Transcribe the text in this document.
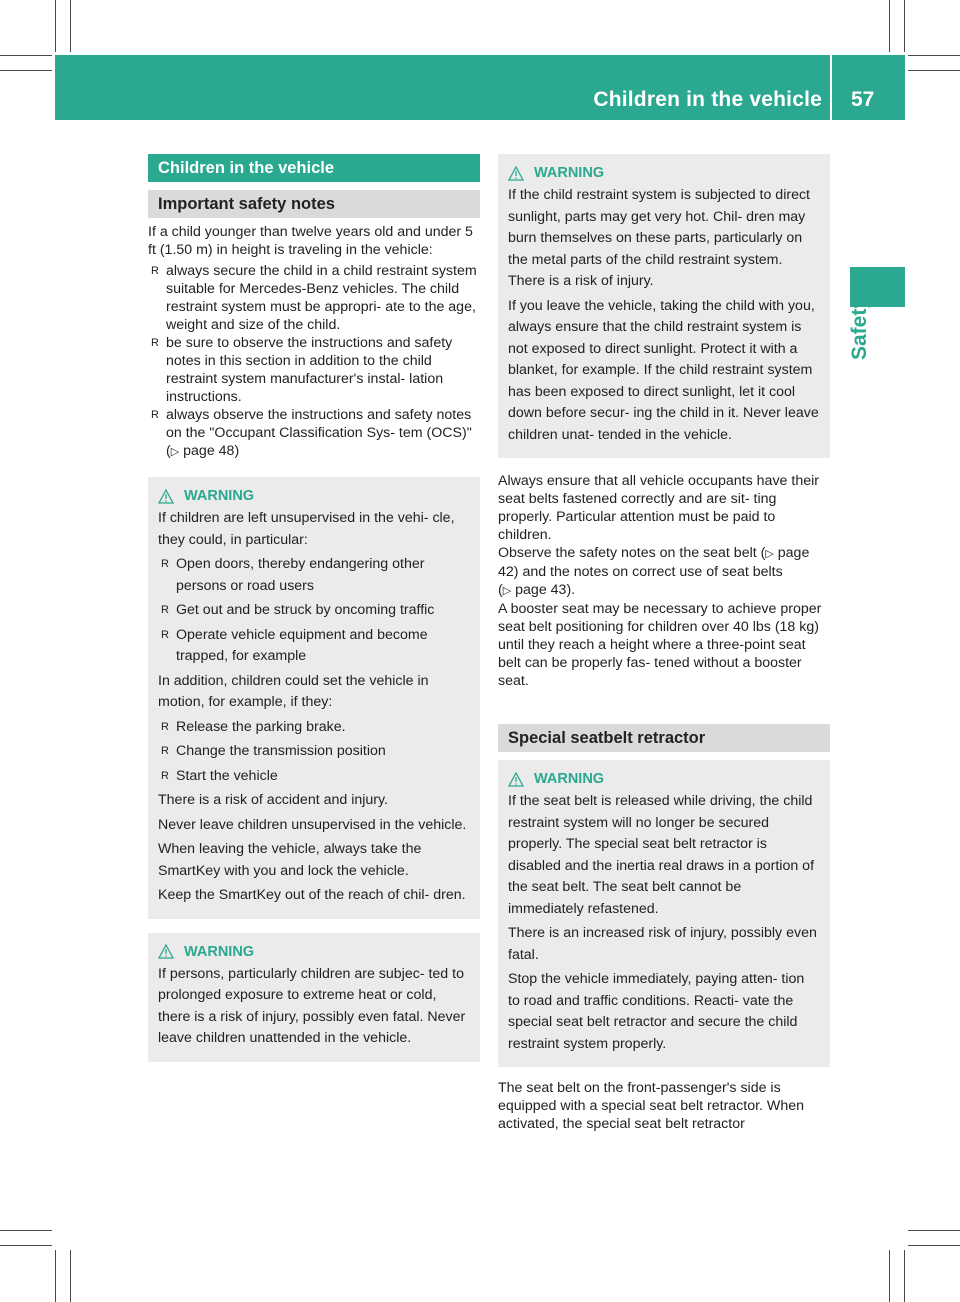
Children in the vehicle 57
Safety
Children in the vehicle
Important safety notes

If a child younger than twelve years old and under 5 ft (1.50 m) in height is traveling in the vehicle:

R always secure the child in a child restraint system suitable for Mercedes-Benz vehicles. The child restraint system must be appropri- ate to the age, weight and size of the child.
R be sure to observe the instructions and safety notes in this section in addition to the child restraint system manufacturer's instal- lation instructions.
R always observe the instructions and safety notes on the "Occupant Classification Sys- tem (OCS)" (▷ page 48)
WARNING

If children are left unsupervised in the vehi- cle, they could, in particular:

R Open doors, thereby endangering other persons or road users
R Get out and be struck by oncoming traffic
R Operate vehicle equipment and become trapped, for example

In addition, children could set the vehicle in motion, for example, if they:

R Release the parking brake.
R Change the transmission position
R Start the vehicle

There is a risk of accident and injury.

Never leave children unsupervised in the vehicle.

When leaving the vehicle, always take the SmartKey with you and lock the vehicle.

Keep the SmartKey out of the reach of chil- dren.

WARNING

If persons, particularly children are subjec- ted to prolonged exposure to extreme heat or cold, there is a risk of injury, possibly even fatal. Never leave children unattended in the vehicle.

WARNING

If the child restraint system is subjected to direct sunlight, parts may get very hot. Chil- dren may burn themselves on these parts, particularly on the metal parts of the child restraint system. There is a risk of injury.

If you leave the vehicle, taking the child with you, always ensure that the child restraint system is not exposed to direct sunlight. Protect it with a blanket, for example. If the child restraint system has been exposed to direct sunlight, let it cool down before secur- ing the child in it. Never leave children unat- tended in the vehicle.

Always ensure that all vehicle occupants have their seat belts fastened correctly and are sit- ting properly. Particular attention must be paid to children.

Observe the safety notes on the seat belt (▷ page 42) and the notes on correct use of seat belts (▷ page 43).

A booster seat may be necessary to achieve proper seat belt positioning for children over 40 lbs (18 kg) until they reach a height where a three-point seat belt can be properly fas- tened without a booster seat.

Special seatbelt retractor
WARNING

If the seat belt is released while driving, the child restraint system will no longer be secured properly. The special seat belt retractor is disabled and the inertia real draws in a portion of the seat belt. The seat belt cannot be immediately refastened.

There is an increased risk of injury, possibly even fatal.

Stop the vehicle immediately, paying atten- tion to road and traffic conditions. Reacti- vate the special seat belt retractor and secure the child restraint system properly.

The seat belt on the front-passenger's side is equipped with a special seat belt retractor. When activated, the special seat belt retractor
